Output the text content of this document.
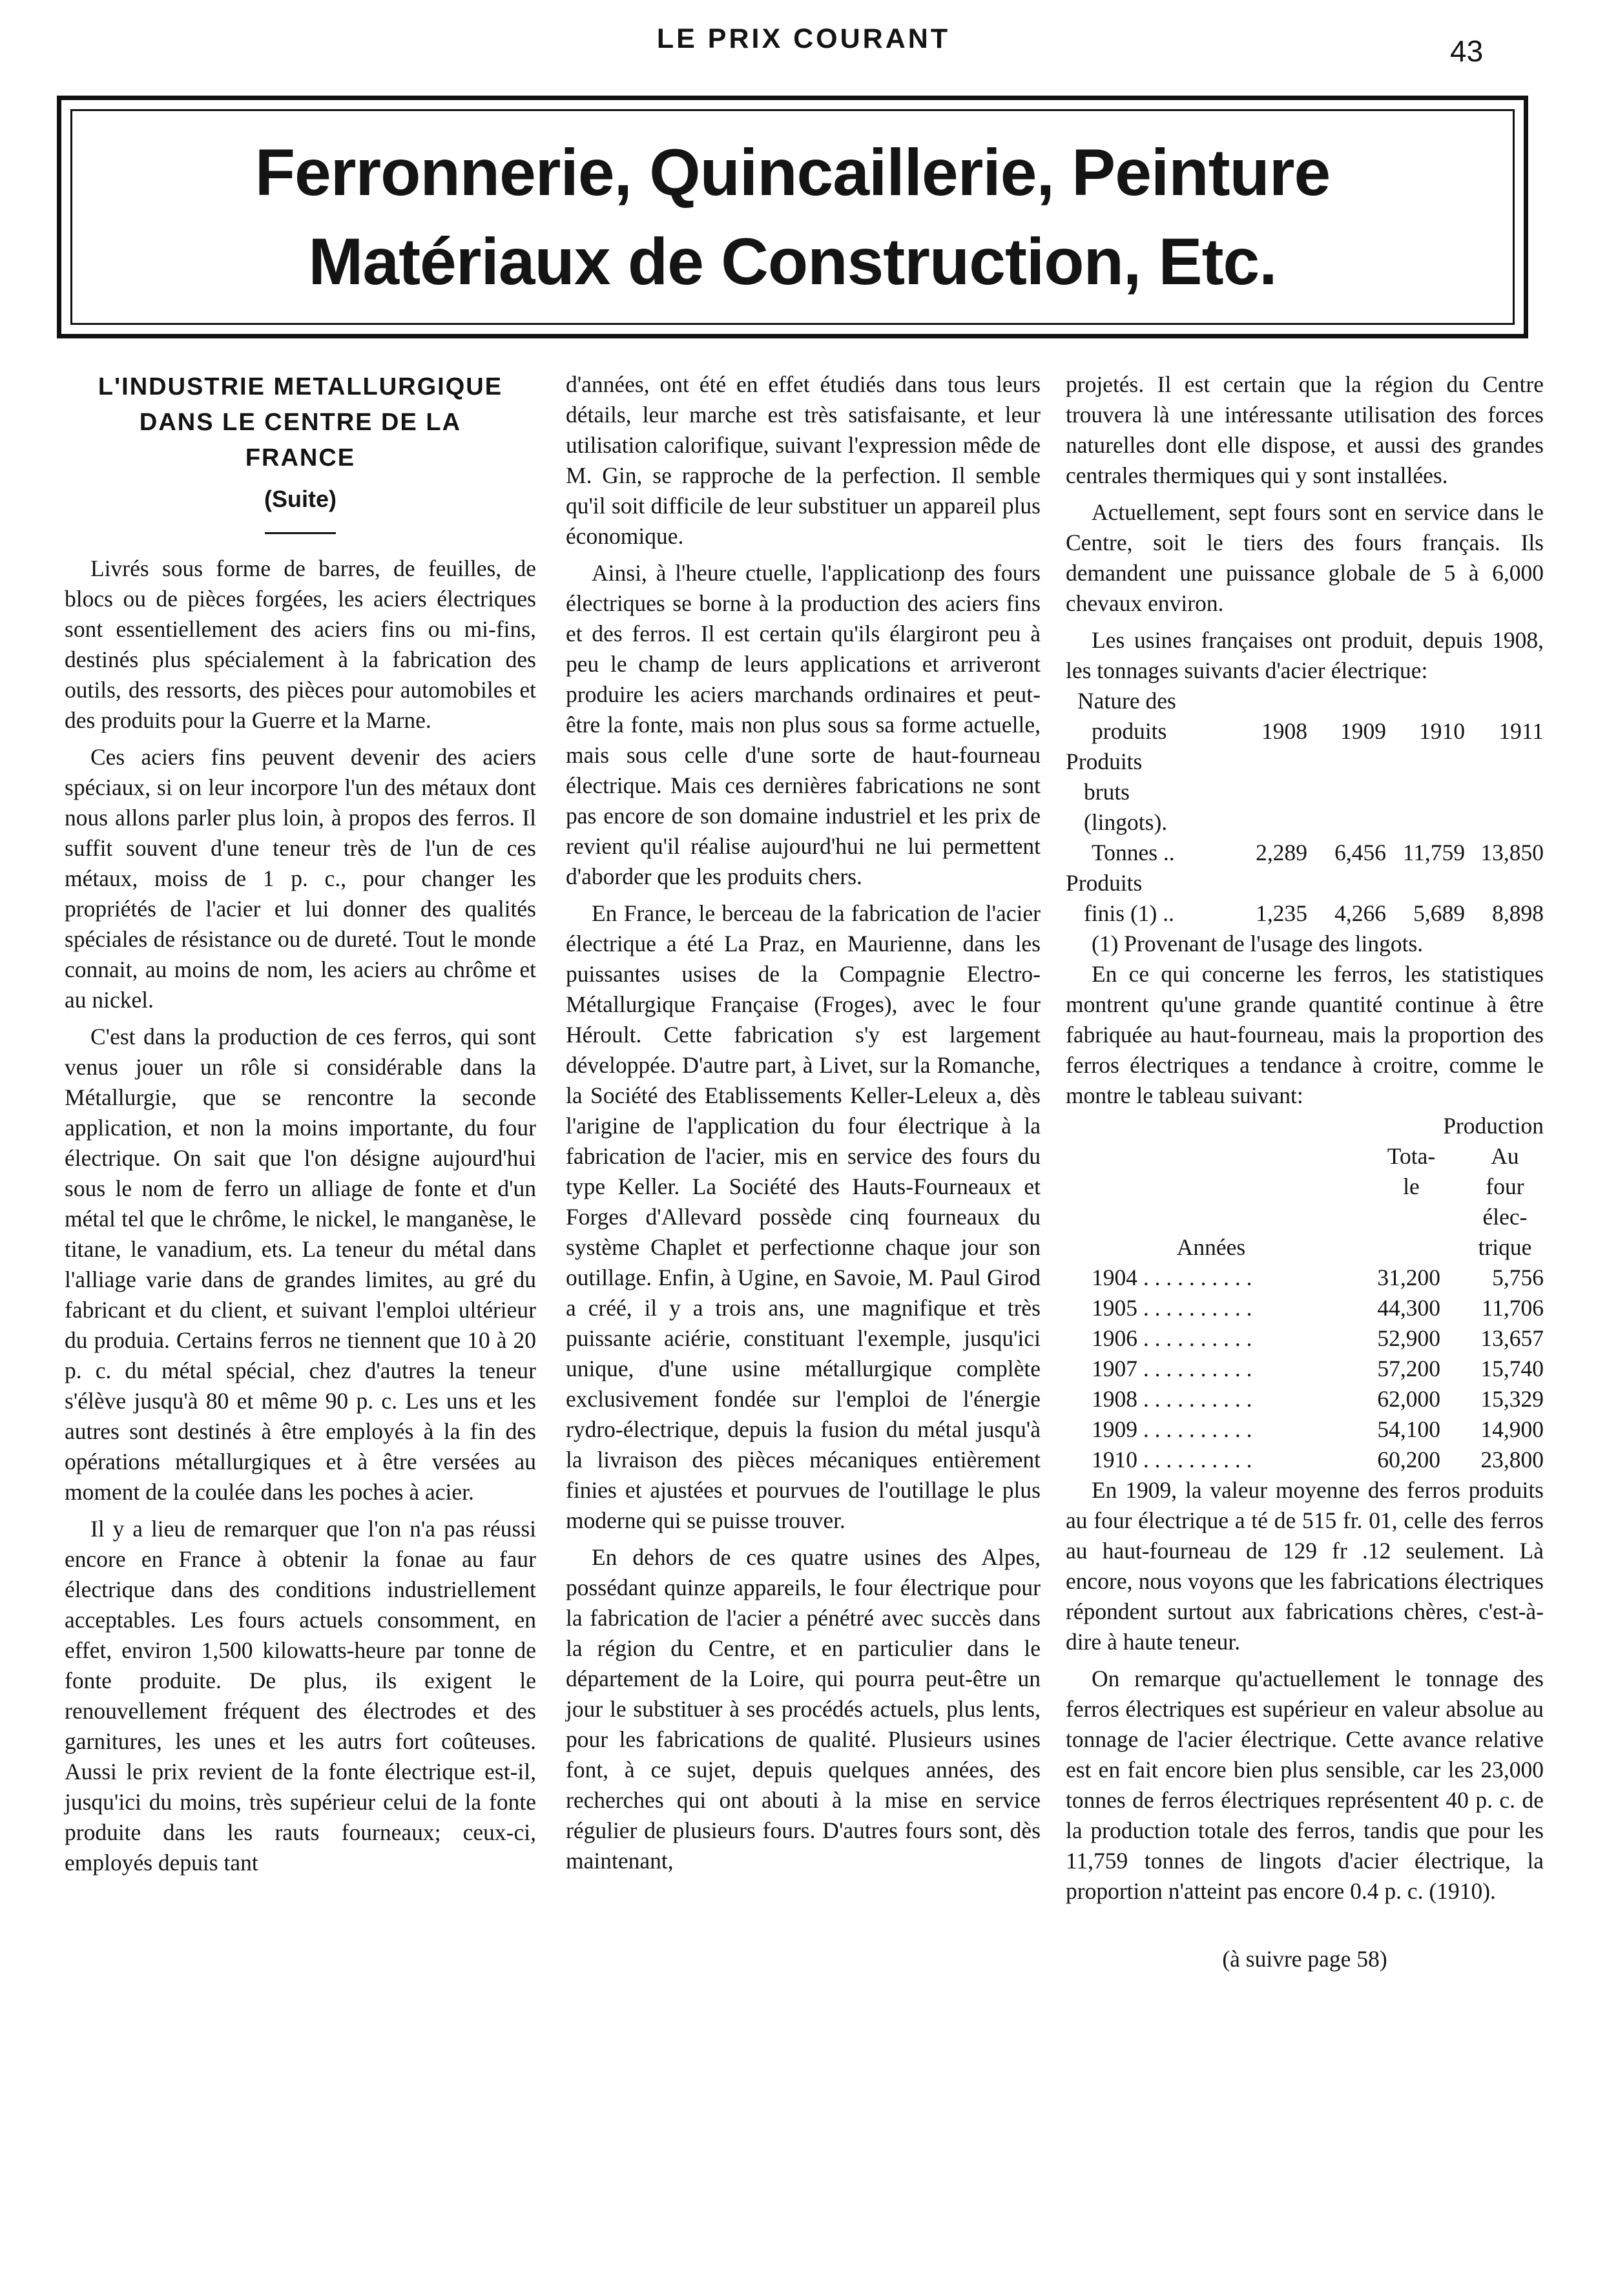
LE PRIX COURANT	43
Ferronnerie, Quincaillerie, Peinture
Matériaux de Construction, Etc.
L'INDUSTRIE METALLURGIQUE
DANS LE CENTRE DE LA
FRANCE
(Suite)

Livrés sous forme de barres, de feuilles, de blocs ou de pièces forgées, les aciers électriques sont essentiellement des aciers fins ou mi-fins, destinés plus spécialement à la fabrication des outils, des ressorts, des pièces pour automobiles et des produits pour la Guerre et la Marne.

Ces aciers fins peuvent devenir des aciers spéciaux, si on leur incorpore l'un des métaux dont nous allons parler plus loin, à propos des ferros. Il suffit souvent d'une teneur très de l'un de ces métaux, moiss de 1 p. c., pour changer les propriétés de l'acier et lui donner des qualités spéciales de résistance ou de dureté. Tout le monde connait, au moins de nom, les aciers au chrôme et au nickel.

C'est dans la production de ces ferros, qui sont venus jouer un rôle si considérable dans la Métallurgie, que se rencontre la seconde application, et non la moins importante, du four électrique. On sait que l'on désigne aujourd'hui sous le nom de ferro un alliage de fonte et d'un métal tel que le chrôme, le nickel, le manganèse, le titane, le vanadium, ets. La teneur du métal dans l'alliage varie dans de grandes limites, au gré du fabricant et du client, et suivant l'emploi ultérieur du produia. Certains ferros ne tiennent que 10 à 20 p. c. du métal spécial, chez d'autres la teneur s'élève jusqu'à 80 et même 90 p. c. Les uns et les autres sont destinés à être employés à la fin des opérations métallurgiques et à être versées au moment de la coulée dans les poches à acier.

Il y a lieu de remarquer que l'on n'a pas réussi encore en France à obtenir la fonae au faur électrique dans des conditions industriellement acceptables. Les fours actuels consomment, en effet, environ 1,500 kilowatts-heure par tonne de fonte produite. De plus, ils exigent le renouvellement fréquent des électrodes et des garnitures, les unes et les autrs fort coûteuses. Aussi le prix revient de la fonte électrique est-il, jusqu'ici du moins, très supérieur celui de la fonte produite dans les rauts fourneaux; ceux-ci, employés depuis tant

d'années, ont été en effet étudiés dans tous leurs détails, leur marche est très satisfaisante, et leur utilisation calorifique, suivant l'expression mêde de M. Gin, se rapproche de la perfection. Il semble qu'il soit difficile de leur substituer un appareil plus économique.

Ainsi, à l'heure ctuelle, l'applicationp des fours électriques se borne à la production des aciers fins et des ferros. Il est certain qu'ils élargiront peu à peu le champ de leurs applications et arriveront produire les aciers marchands ordinaires et peut-être la fonte, mais non plus sous sa forme actuelle, mais sous celle d'une sorte de haut-fourneau électrique. Mais ces dernières fabrications ne sont pas encore de son domaine industriel et les prix de revient qu'il réalise aujourd'hui ne lui permettent d'aborder que les produits chers.

En France, le berceau de la fabrication de l'acier électrique a été La Praz, en Maurienne, dans les puissantes usises de la Compagnie Electro-Métallurgique Française (Froges), avec le four Héroult. Cette fabrication s'y est largement développée. D'autre part, à Livet, sur la Romanche, la Société des Etablissements Keller-Leleux a, dès l'arigine de l'application du four électrique à la fabrication de l'acier, mis en service des fours du type Keller. La Société des Hauts-Fourneaux et Forges d'Allevard possède cinq fourneaux du système Chaplet et perfectionne chaque jour son outillage. Enfin, à Ugine, en Savoie, M. Paul Girod a créé, il y a trois ans, une magnifique et très puissante aciérie, constituant l'exemple, jusqu'ici unique, d'une usine métallurgique complète exclusivement fondée sur l'emploi de l'énergie rydro-électrique, depuis la fusion du métal jusqu'à la livraison des pièces mécaniques entièrement finies et ajustées et pourvues de l'outillage le plus moderne qui se puisse trouver.

En dehors de ces quatre usines des Alpes, possédant quinze appareils, le four électrique pour la fabrication de l'acier a pénétré avec succès dans la région du Centre, et en particulier dans le département de la Loire, qui pourra peut-être un jour le substituer à ses procédés actuels, plus lents, pour les fabrications de qualité. Plusieurs usines font, à ce sujet, depuis quelques années, des recherches qui ont abouti à la mise en service régulier de plusieurs fours. D'autres fours sont, dès maintenant,

projetés. Il est certain que la région du Centre trouvera là une intéressante utilisation des forces naturelles dont elle dispose, et aussi des grandes centrales thermiques qui y sont installées.

Actuellement, sept fours sont en service dans le Centre, soit le tiers des fours français. Ils demandent une puissance globale de 5 à 6,000 chevaux environ.

Les usines françaises ont produit, depuis 1908, les tonnages suivants d'acier électrique:

Nature des
produits	1908	1909	1910	1911
Produits
bruts
(lingots).
Tonnes ..	2,289	6,456 11,759 13,850
Produits
finis (1) ..	1,235	4,266	5,689	8,898
(1) Provenant de l'usage des lingots.

En ce qui concerne les ferros, les statistiques montrent qu'une grande quantité continue à être fabriquée au haut-fourneau, mais la proportion des ferros électriques a tendance à croitre, comme le montre le tableau suivant:

Production
Tota-	Au
le	four
élec-
Années	trique
1904 . . . . . . . . . .	31,200	5,756
1905 . . . . . . . . . .	44,300	11,706
1906 . . . . . . . . . .	52,900	13,657
1907 . . . . . . . . . .	57,200	15,740
1908 . . . . . . . . . .	62,000	15,329
1909 . . . . . . . . . .	54,100	14,900
1910 . . . . . . . . . .	60,200	23,800

En 1909, la valeur moyenne des ferros produits au four électrique a té de 515 fr. 01, celle des ferros au haut-fourneau de 129 fr .12 seulement. Là encore, nous voyons que les fabrications électriques répondent surtout aux fabrications chères, c'est-à-dire à haute teneur.

On remarque qu'actuellement le tonnage des ferros électriques est supérieur en valeur absolue au tonnage de l'acier électrique. Cette avance relative est en fait encore bien plus sensible, car les 23,000 tonnes de ferros électriques représentent 40 p. c. de la production totale des ferros, tandis que pour les 11,759 tonnes de lingots d'acier électrique, la proportion n'atteint pas encore 0.4 p. c. (1910).

(à suivre page 58)
